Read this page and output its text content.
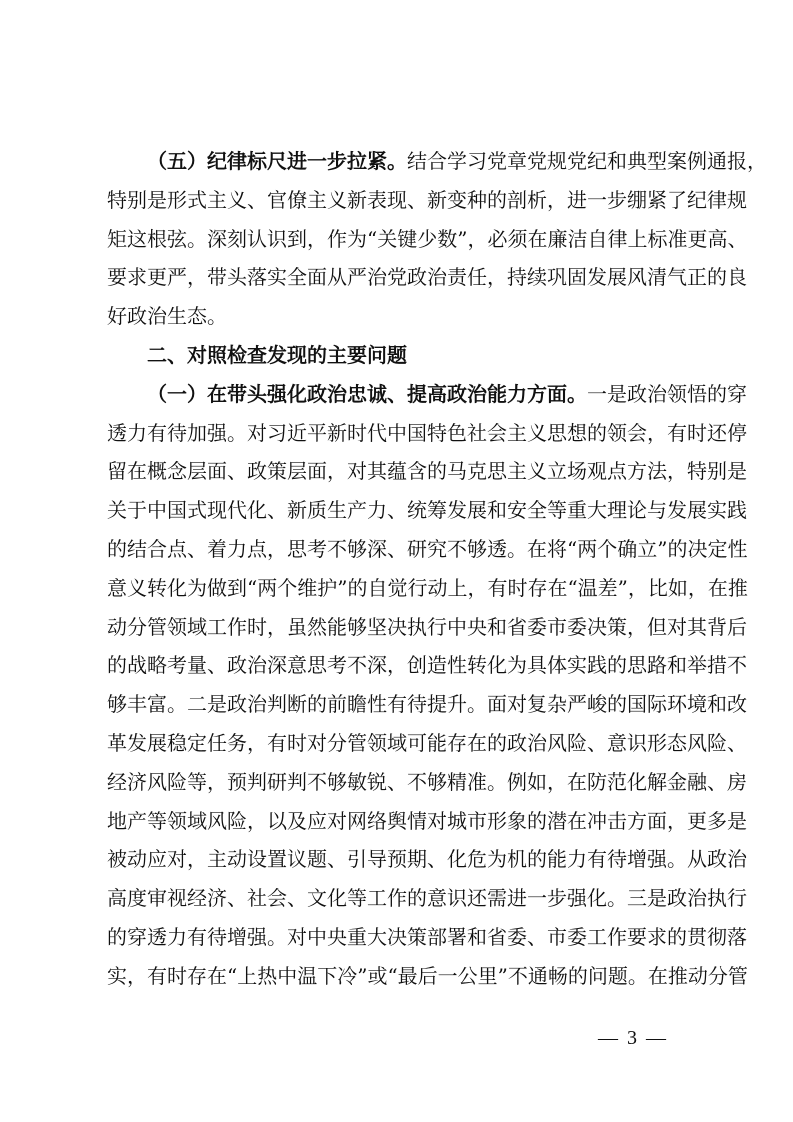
（五）纪律标尺进一步拉紧。结合学习党章党规党纪和典型案例通报，
特别是形式主义、官僚主义新表现、新变种的剖析，进一步绷紧了纪律规
矩这根弦。深刻认识到，作为“关键少数”，必须在廉洁自律上标准更高、
要求更严，带头落实全面从严治党政治责任，持续巩固发展风清气正的良
好政治生态。
二、对照检查发现的主要问题
（一）在带头强化政治忠诚、提高政治能力方面。一是政治领悟的穿
透力有待加强。对习近平新时代中国特色社会主义思想的领会，有时还停
留在概念层面、政策层面，对其蕴含的马克思主义立场观点方法，特别是
关于中国式现代化、新质生产力、统筹发展和安全等重大理论与发展实践
的结合点、着力点，思考不够深、研究不够透。在将“两个确立”的决定性
意义转化为做到“两个维护”的自觉行动上，有时存在“温差”，比如，在推
动分管领域工作时，虽然能够坚决执行中央和省委市委决策，但对其背后
的战略考量、政治深意思考不深，创造性转化为具体实践的思路和举措不
够丰富。二是政治判断的前瞻性有待提升。面对复杂严峻的国际环境和改
革发展稳定任务，有时对分管领域可能存在的政治风险、意识形态风险、
经济风险等，预判研判不够敏锐、不够精准。例如，在防范化解金融、房
地产等领域风险，以及应对网络舆情对城市形象的潜在冲击方面，更多是
被动应对，主动设置议题、引导预期、化危为机的能力有待增强。从政治
高度审视经济、社会、文化等工作的意识还需进一步强化。三是政治执行
的穿透力有待增强。对中央重大决策部署和省委、市委工作要求的贯彻落
实，有时存在“上热中温下冷”或“最后一公里”不通畅的问题。在推动分管
— 3 —
